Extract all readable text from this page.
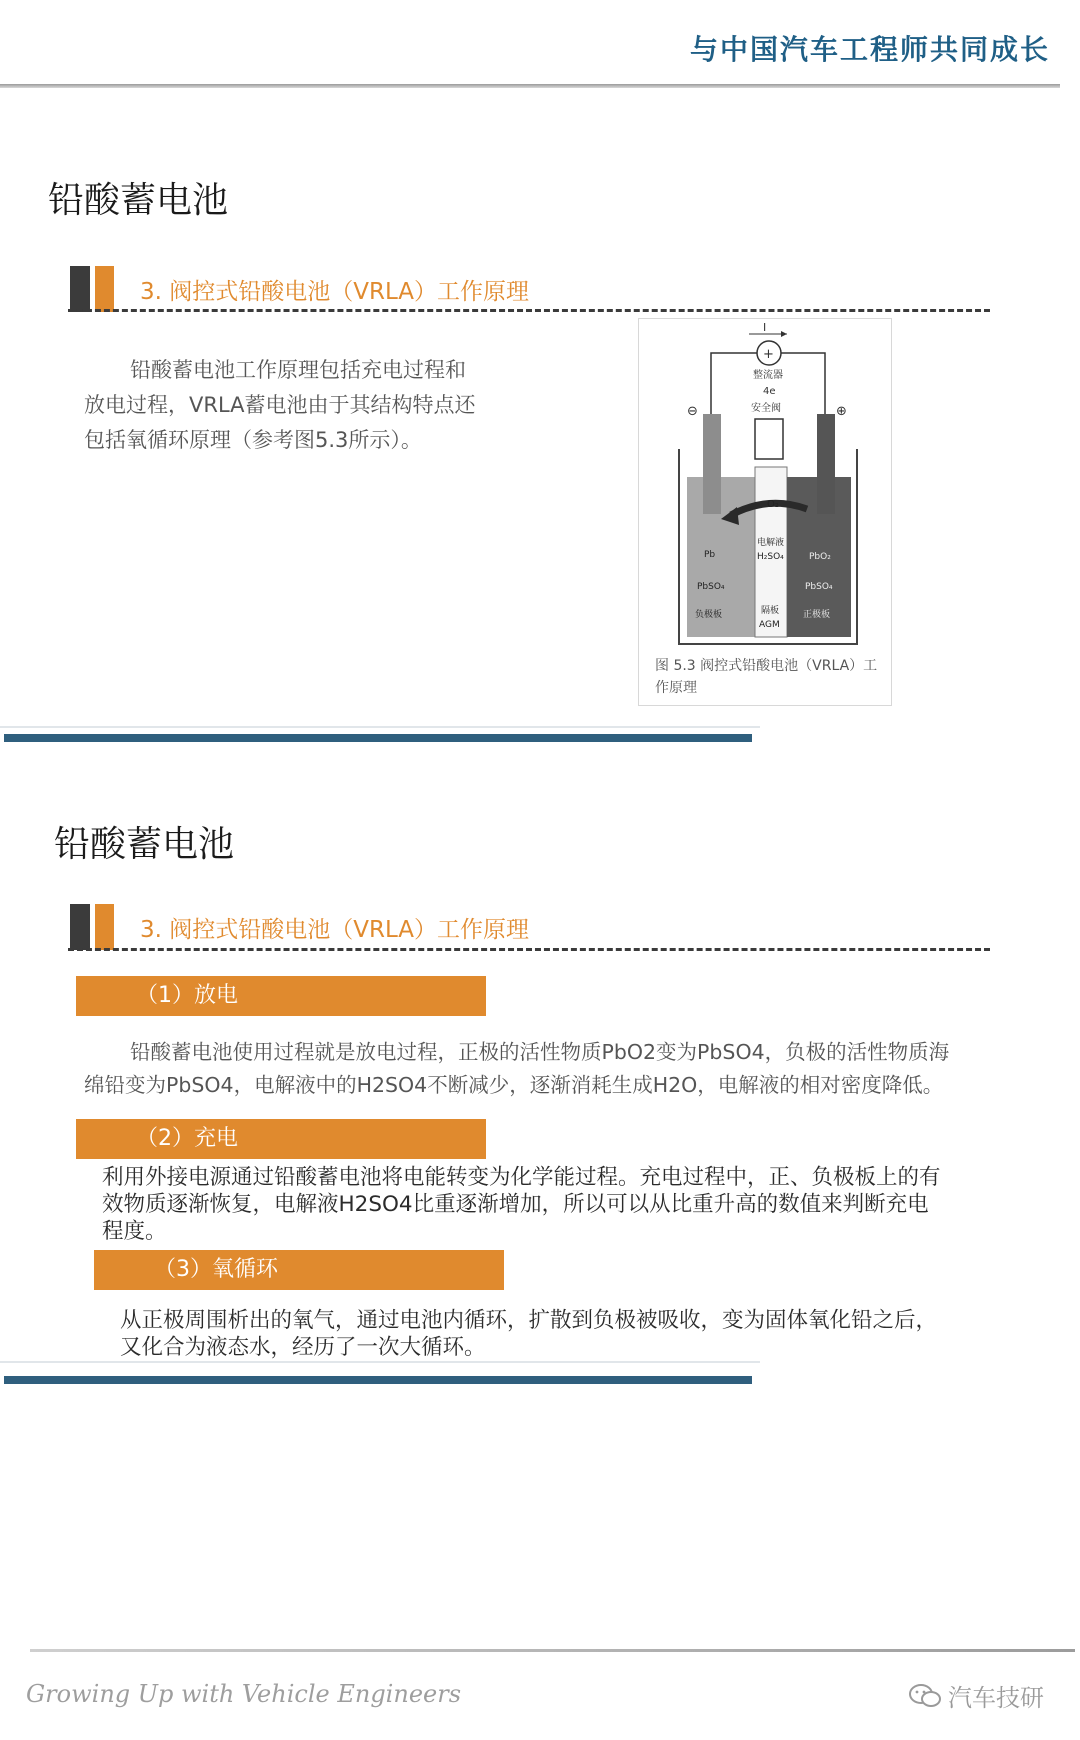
与中国汽车工程师共同成长
铅酸蓄电池
3. 阀控式铅酸电池（VRLA）工作原理
铅酸蓄电池工作原理包括充电过程和
放电过程，VRLA蓄电池由于其结构特点还
包括氧循环原理（参考图5.3所示）。
I
+
整流器
4e
安全阀
⊖	⊕
O₂
Pb
PbSO₄
负极板
电解液
H₂SO₄
隔板
AGM
PbO₂
PbSO₄
正极板
图 5.3 阀控式铅酸电池（VRLA）工
作原理
铅酸蓄电池
3. 阀控式铅酸电池（VRLA）工作原理
（1）放电
铅酸蓄电池使用过程就是放电过程，正极的活性物质PbO2变为PbSO4，负极的活性物质海
绵铅变为PbSO4，电解液中的H2SO4不断减少，逐渐消耗生成H2O，电解液的相对密度降低。
（2）充电
利用外接电源通过铅酸蓄电池将电能转变为化学能过程。充电过程中，正、负极板上的有
效物质逐渐恢复，电解液H2SO4比重逐渐增加，所以可以从比重升高的数值来判断充电
程度。
（3）氧循环
从正极周围析出的氧气，通过电池内循环，扩散到负极被吸收，变为固体氧化铅之后，
又化合为液态水，经历了一次大循环。
Growing Up with Vehicle Engineers	汽车技研
